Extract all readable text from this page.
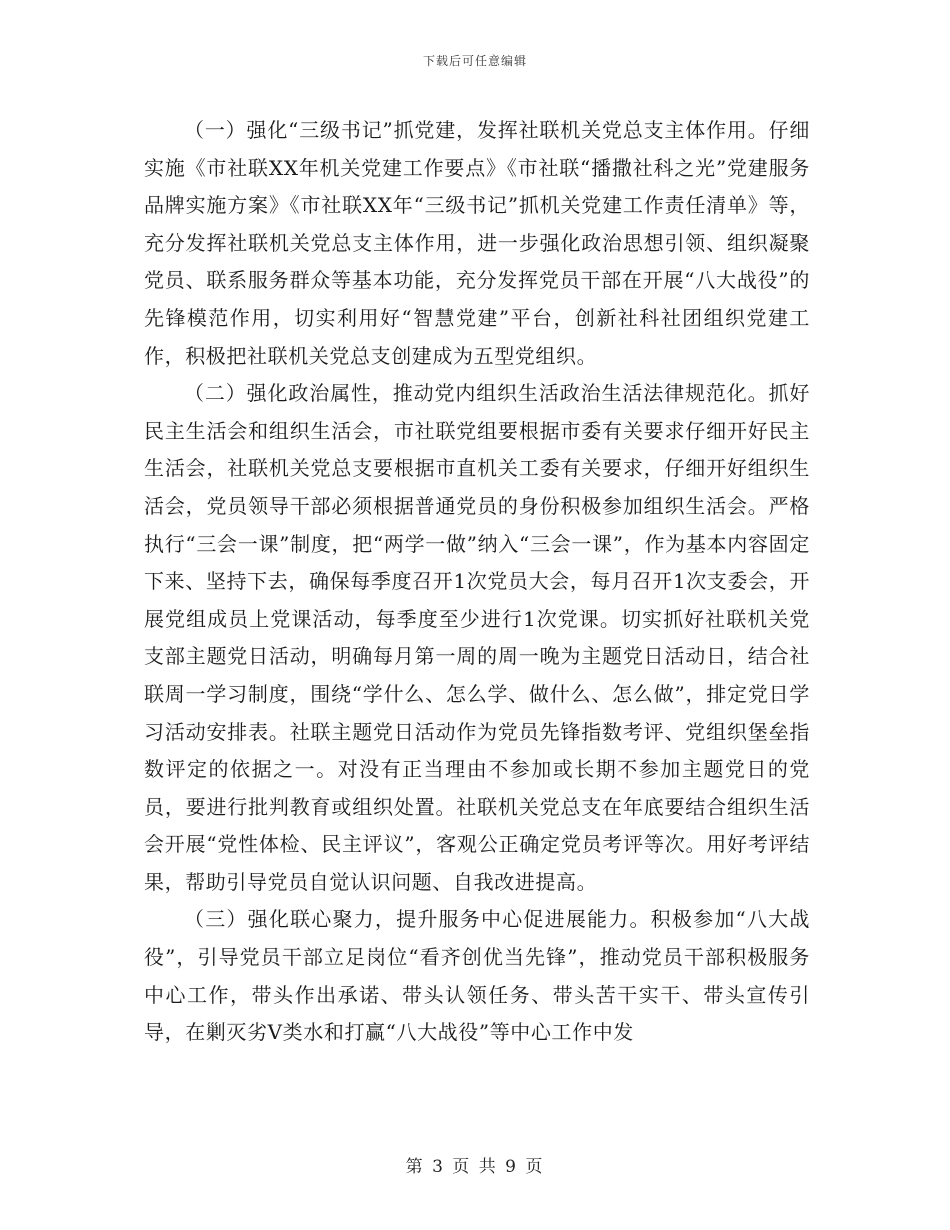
下载后可任意编辑

（一）强化“三级书记”抓党建，发挥社联机关党总支主体作用。仔细实施《市社联XX年机关党建工作要点》《市社联“播撒社科之光”党建服务品牌实施方案》《市社联XX年“三级书记”抓机关党建工作责任清单》等，充分发挥社联机关党总支主体作用，进一步强化政治思想引领、组织凝聚党员、联系服务群众等基本功能，充分发挥党员干部在开展“八大战役”的先锋模范作用，切实利用好“智慧党建”平台，创新社科社团组织党建工作，积极把社联机关党总支创建成为五型党组织。

（二）强化政治属性，推动党内组织生活政治生活法律规范化。抓好民主生活会和组织生活会，市社联党组要根据市委有关要求仔细开好民主生活会，社联机关党总支要根据市直机关工委有关要求，仔细开好组织生活会，党员领导干部必须根据普通党员的身份积极参加组织生活会。严格执行“三会一课”制度，把“两学一做”纳入“三会一课”，作为基本内容固定下来、坚持下去，确保每季度召开1次党员大会，每月召开1次支委会，开展党组成员上党课活动，每季度至少进行1次党课。切实抓好社联机关党支部主题党日活动，明确每月第一周的周一晚为主题党日活动日，结合社联周一学习制度，围绕“学什么、怎么学、做什么、怎么做”，排定党日学习活动安排表。社联主题党日活动作为党员先锋指数考评、党组织堡垒指数评定的依据之一。对没有正当理由不参加或长期不参加主题党日的党员，要进行批判教育或组织处置。社联机关党总支在年底要结合组织生活会开展“党性体检、民主评议”，客观公正确定党员考评等次。用好考评结果，帮助引导党员自觉认识问题、自我改进提高。

（三）强化联心聚力，提升服务中心促进展能力。积极参加“八大战役”，引导党员干部立足岗位“看齐创优当先锋”，推动党员干部积极服务中心工作，带头作出承诺、带头认领任务、带头苦干实干、带头宣传引导，在剿灭劣Ⅴ类水和打赢“八大战役”等中心工作中发

第 3 页 共 9 页
